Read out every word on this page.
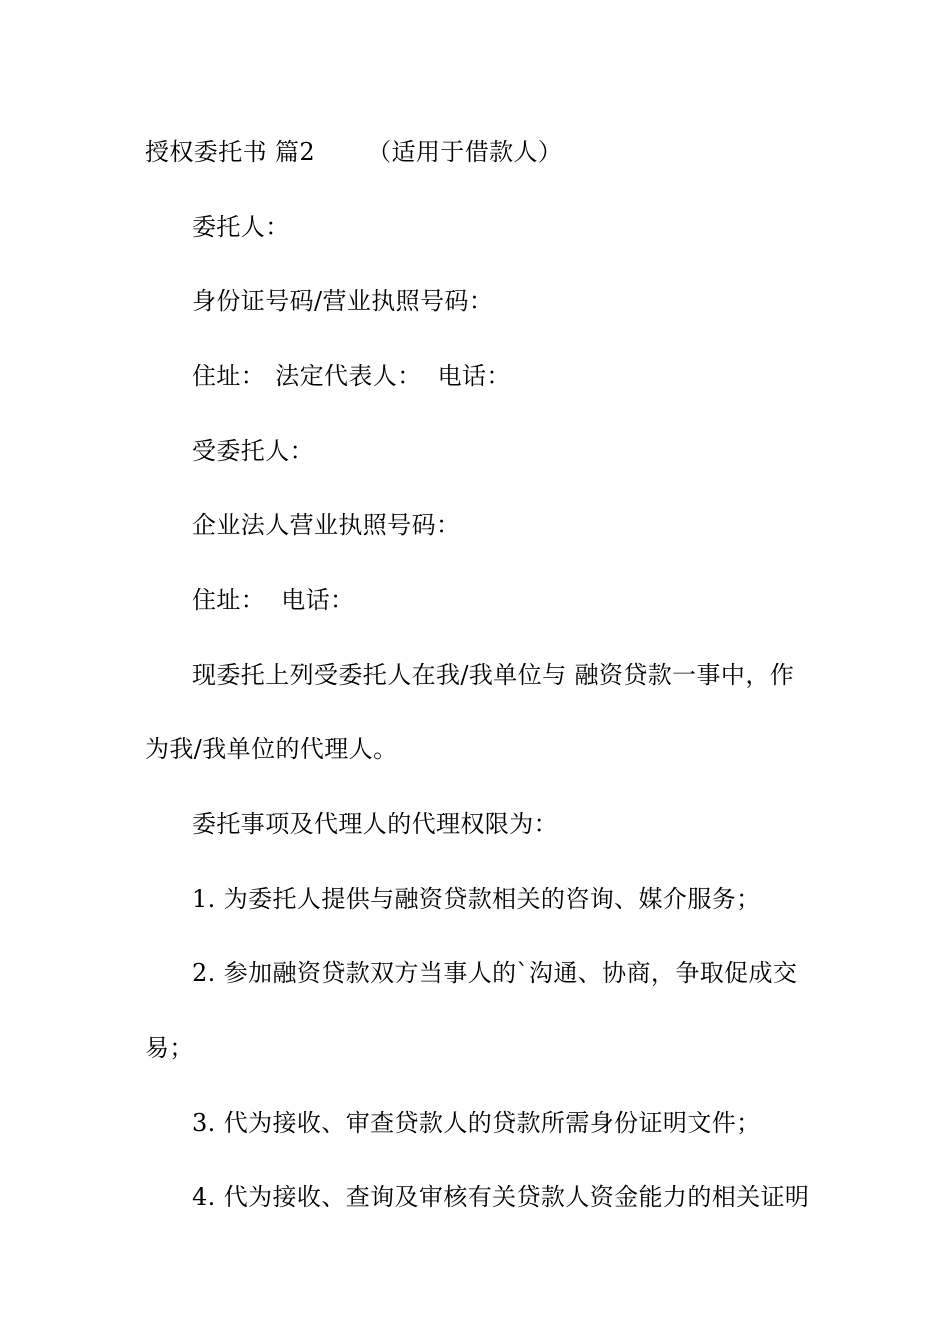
授权委托书 篇2 （适用于借款人）
委托人：
身份证号码/营业执照号码：
住址： 法定代表人： 电话：
受委托人：
企业法人营业执照号码：
住址： 电话：
现委托上列受委托人在我/我单位与 融资贷款一事中，作
为我/我单位的代理人。
委托事项及代理人的代理权限为：
1. 为委托人提供与融资贷款相关的咨询、媒介服务；
2. 参加融资贷款双方当事人的`沟通、协商，争取促成交
易；
3. 代为接收、审查贷款人的贷款所需身份证明文件；
4. 代为接收、查询及审核有关贷款人资金能力的相关证明
